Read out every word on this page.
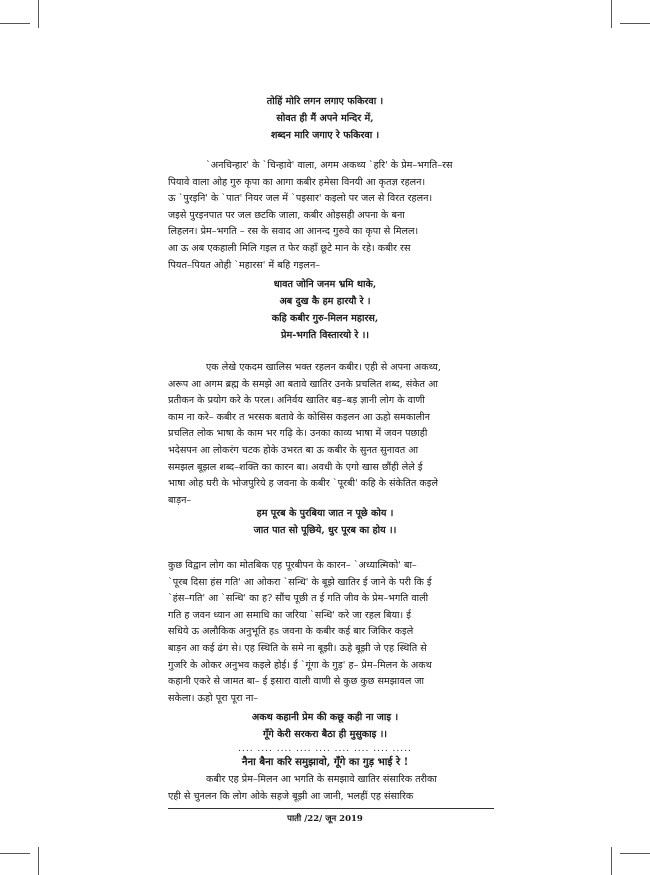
तोहिं मोरि लगन लगाए फकिरवा ।
सोवत ही मैं अपने मन्दिर में,
शब्दन मारि जगाए रे फकिरवा ।

`अनचिन्हार' के `चिन्हावे' वाला, अगम अकथ्य `हरि' के प्रेम–भगति–रस

पियावे वाला ओह गुरु कृपा का आगा कबीर हमेसा विनयी आ कृतज्ञ रहलन।

ऊ `पुरइनि' के `पात' नियर जल में `पइसार' कइलो पर जल से विरत रहलन।

जइसे पुरइनपात पर जल छटकि जाला, कबीर ओइसही अपना के बना

लिहलन। प्रेम–भगति – रस के सवाद आ आनन्द गुरुवे का कृपा से मिलल।

आ ऊ अब एकहाली मिलि गइल त फेर कहाँ छूटे मान के रहे। कबीर रस

पियत–पियत ओही `महारस' में बहि गइलन–

धावत जोनि जनम भ्रमि थाके,
अब दुख कै हम हारयौ रे ।
कहि कबीर गुरु-मिलन महारस,
प्रेम-भगति विस्तारयो रे ।।

एक लेखे एकदम खालिस भक्त रहलन कबीर। एही से अपना अकथ्य,

अरूप आ अगम ब्रह्म के समझे आ बतावे खातिर उनके प्रचलित शब्द, संकेत आ

प्रतीकन के प्रयोग करे के परल। अनिर्वय खातिर बड़–बड़ ज्ञानी लोग के वाणी

काम ना करे– कबीर त भरसक बतावे के कोसिस कइलन आ ऊहो समकालीन

प्रचलित लोक भाषा के काम भर गढ़ि के। उनका काव्य भाषा में जवन पछाही

भदेसपन आ लोकरंग चटक होके उभरत बा ऊ कबीर के सुनत सुनावत आ

समझल बूझल शब्द–शक्ति का कारन बा। अवधी के एगो खास छौंही लेले ई

भाषा ओह घरी के भोजपुरिये ह जवना के कबीर `पूरबी' कहि के संकेतित कइले

बाड़न–

हम पूरब के पुरबिया जात न पूछे कोय ।
जात पात सो पूछिये, धुर पूरब का होय ।।

कुछ विद्वान लोग का मोतबिक एह पूरबीपन के कारन– `अध्यात्मिको' बा–

`पूरब दिसा हंस गति' आ ओकरा `सन्धि' के बूझे खातिर ई जाने के परी कि ई

`हंस–गति' आ `सन्धि' का ह? सौंच पूछी त ई गति जीव के प्रेम–भगति वाली

गति ह जवन ध्यान आ समाधि का जरिया `सन्धि' करे जा रहल बिया। ई

सधिये ऊ अलौकिक अनुभूति हs जवना के कबीर कई बार जिकिर कइले

बाड़न आ कई ढंग से। एह स्थिति के समे ना बूझी। ऊहे बूझी जे एह स्थिति से

गुजरि के ओकर अनुभव कइले होई। ई `गूंगा के गुड़' ह– प्रेम–मिलन के अकथ

कहानी एकरे से जामत बा– ई इसारा वाली वाणी से कुछ कुछ समझावल जा

सकेला। ऊहो पूरा पूरा ना–

अकथ कहानी प्रेम की कछू कही ना जाइ ।
गूँगे केरी सरकरा बैठा ही मुसुकाइ ।।
.... .... .... .... .... .... .... .... .....
नैना बैना करि समुझावो, गूँगे का गुड़ भाई रे !

कबीर एह प्रेम–मिलन आ भगति के समझावे खातिर संसारिक तरीका

एही से चुनलन कि लोग ओके सहजे बूझी आ जानी, भलहीं एह संसारिक

पाती /22/ जून 2019
